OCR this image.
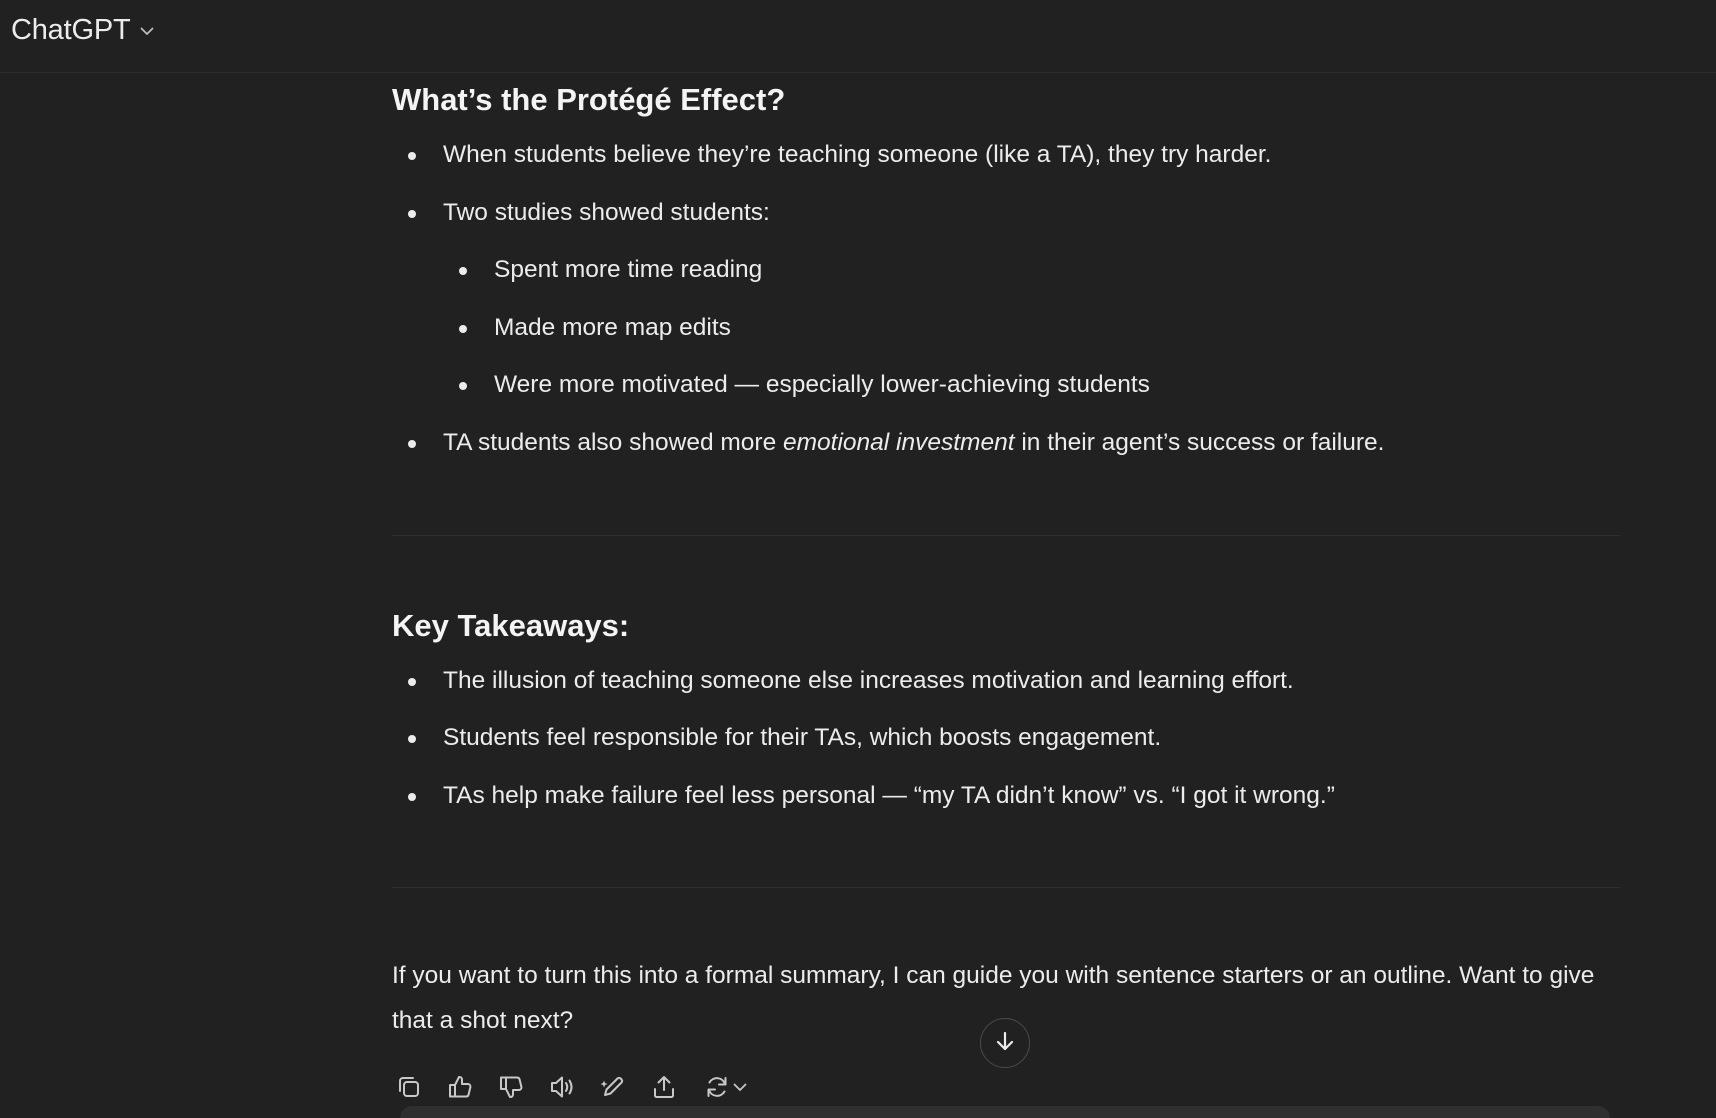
ChatGPT
What’s the Protégé Effect?
When students believe they’re teaching someone (like a TA), they try harder.
Two studies showed students:
Spent more time reading
Made more map edits
Were more motivated — especially lower-achieving students
TA students also showed more emotional investment in their agent’s success or failure.
Key Takeaways:
The illusion of teaching someone else increases motivation and learning effort.
Students feel responsible for their TAs, which boosts engagement.
TAs help make failure feel less personal — “my TA didn’t know” vs. “I got it wrong.”

If you want to turn this into a formal summary, I can guide you with sentence starters or an outline. Want to give that a shot next?
